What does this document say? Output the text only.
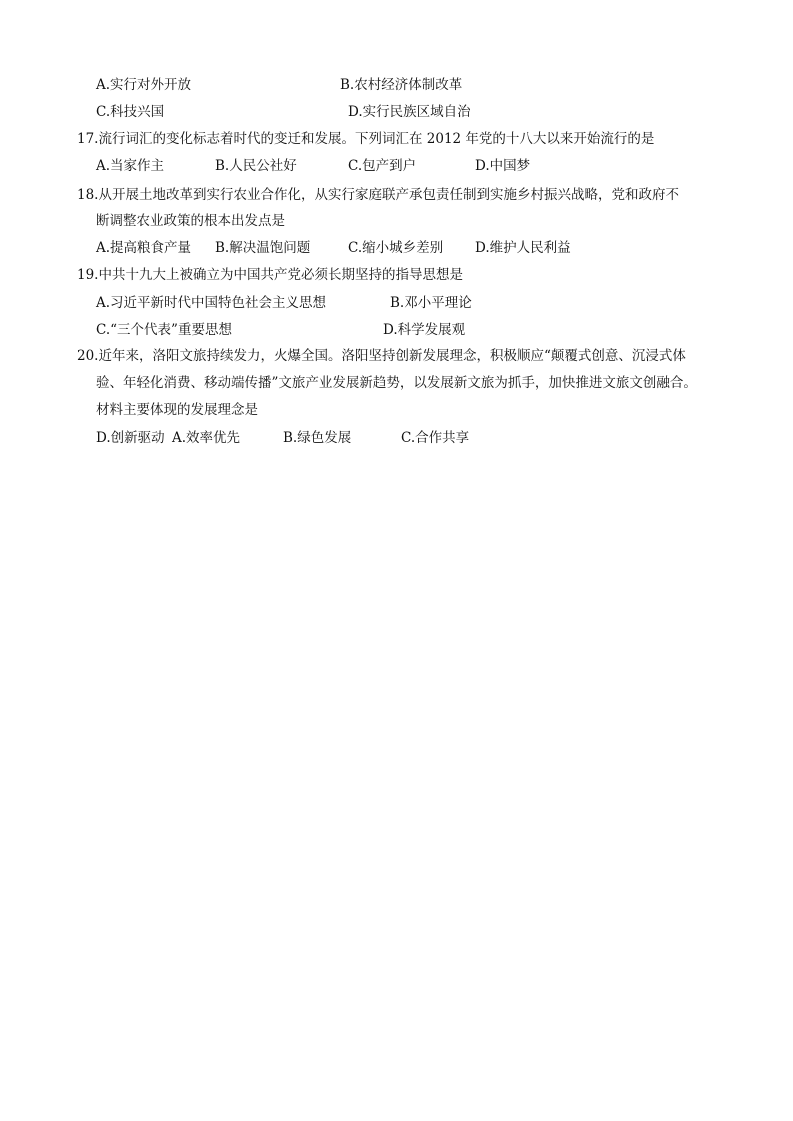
A.实行对外开放	B.农村经济体制改革
C.科技兴国	D.实行民族区域自治
17.流行词汇的变化标志着时代的变迁和发展。下列词汇在 2012 年党的十八大以来开始流行的是
A.当家作主	B.人民公社好	C.包产到户	D.中国梦
18.从开展土地改革到实行农业合作化，从实行家庭联产承包责任制到实施乡村振兴战略，党和政府不
断调整农业政策的根本出发点是
A.提高粮食产量 B.解决温饱问题	C.缩小城乡差别 D.维护人民利益
19.中共十九大上被确立为中国共产党必须长期坚持的指导思想是
A.习近平新时代中国特色社会主义思想	B.邓小平理论
C.“三个代表”重要思想	D.科学发展观
20.近年来，洛阳文旅持续发力，火爆全国。洛阳坚持创新发展理念，积极顺应“颠覆式创意、沉浸式体
验、年轻化消费、移动端传播”文旅产业发展新趋势，以发展新文旅为抓手，加快推进文旅文创融合。
材料主要体现的发展理念是
D.创新驱动 A.效率优先	B.绿色发展	C.合作共享
